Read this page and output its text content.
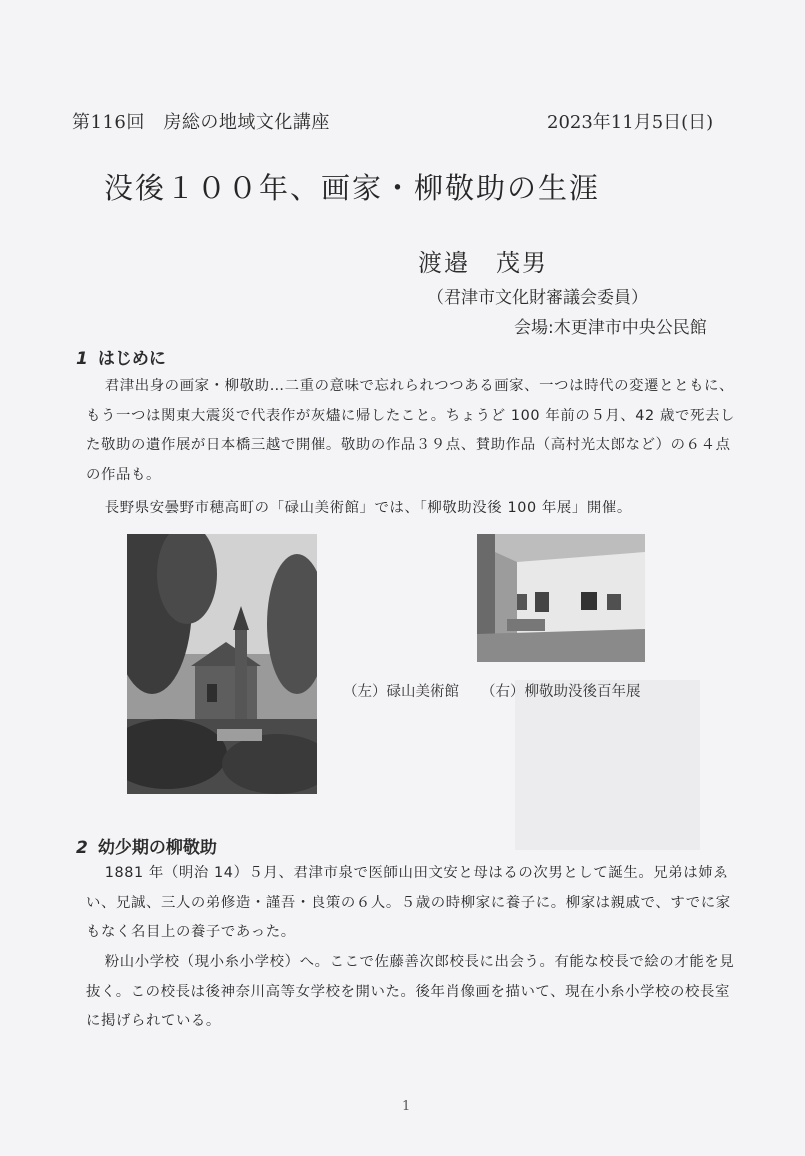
第116回　房総の地域文化講座	2023年11月5日(日)
没後１００年、画家・柳敬助の生涯
渡邉　茂男
（君津市文化財審議会委員）
会場:木更津市中央公民館
1 はじめに

君津出身の画家・柳敬助…二重の意味で忘れられつつある画家、一つは時代の変遷とともに、もう一つは関東大震災で代表作が灰燼に帰したこと。ちょうど 100 年前の５月、42 歳で死去した敬助の遺作展が日本橋三越で開催。敬助の作品３９点、賛助作品（高村光太郎など）の６４点の作品も。

長野県安曇野市穂高町の「碌山美術館」では、「柳敬助没後 100 年展」開催。

（左）碌山美術館 （右）柳敬助没後百年展
2 幼少期の柳敬助

1881 年（明治 14）５月、君津市泉で医師山田文安と母はるの次男として誕生。兄弟は姉ゑい、兄誠、三人の弟修造・謹吾・良策の６人。５歳の時柳家に養子に。柳家は親戚で、すでに家もなく名目上の養子であった。

粉山小学校（現小糸小学校）へ。ここで佐藤善次郎校長に出会う。有能な校長で絵の才能を見抜く。この校長は後神奈川高等女学校を開いた。後年肖像画を描いて、現在小糸小学校の校長室に掲げられている。

1
